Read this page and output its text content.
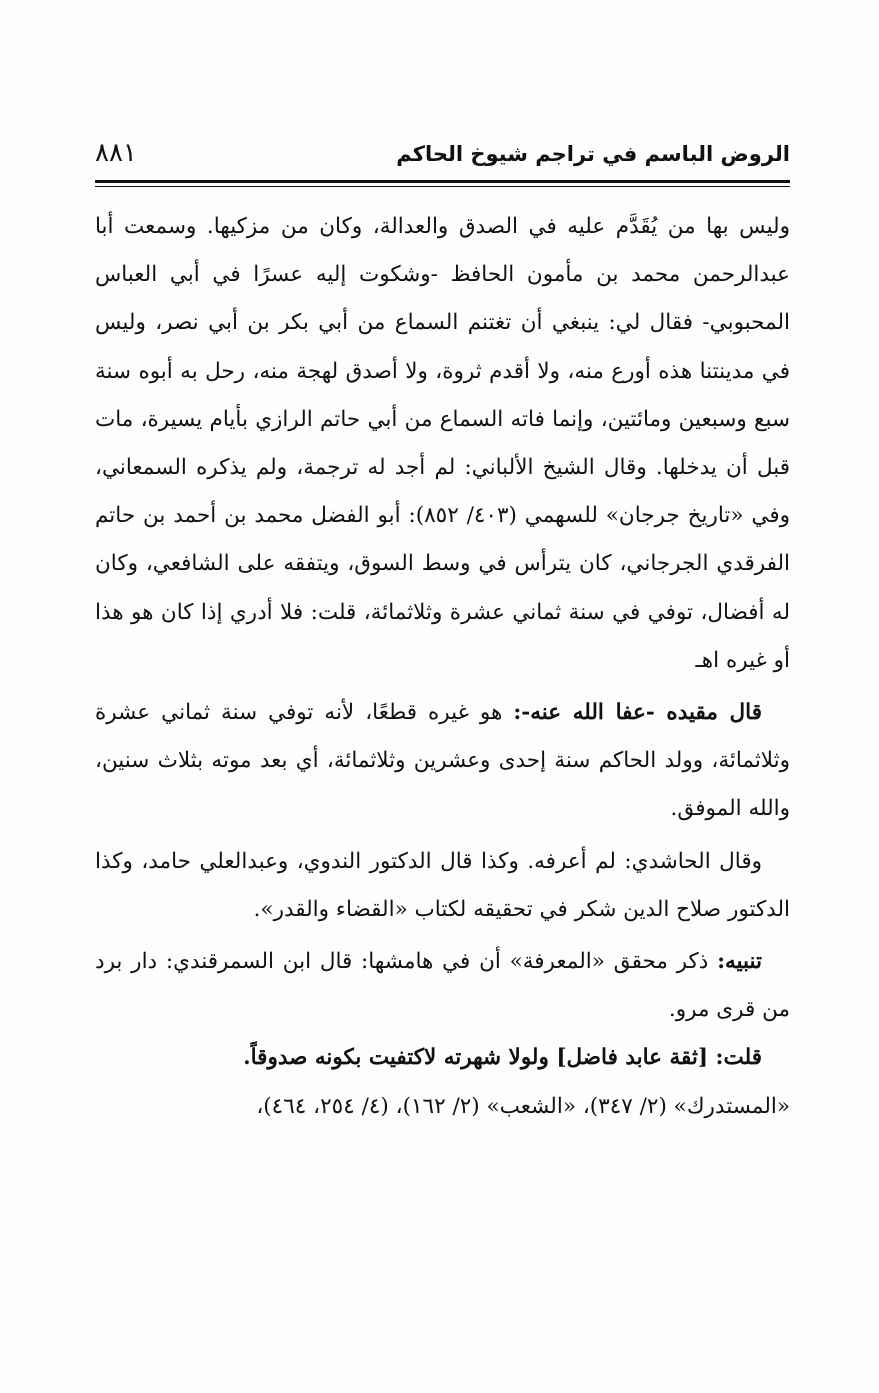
الروض الباسم في تراجم شيوخ الحاكم
٨٨١

وليس بها من يُقَدَّم عليه في الصدق والعدالة، وكان من مزكيها. وسمعت أبا عبدالرحمن محمد بن مأمون الحافظ -وشكوت إليه عسرًا في أبي العباس المحبوبي- فقال لي: ينبغي أن تغتنم السماع من أبي بكر بن أبي نصر، وليس في مدينتنا هذه أورع منه، ولا أقدم ثروة، ولا أصدق لهجة منه، رحل به أبوه سنة سبع وسبعين ومائتين، وإنما فاته السماع من أبي حاتم الرازي بأيام يسيرة، مات قبل أن يدخلها. وقال الشيخ الألباني: لم أجد له ترجمة، ولم يذكره السمعاني، وفي «تاريخ جرجان» للسهمي (٤٠٣/ ٨٥٢): أبو الفضل محمد بن أحمد بن حاتم الفرقدي الجرجاني، كان يترأس في وسط السوق، ويتفقه على الشافعي، وكان له أفضال، توفي في سنة ثماني عشرة وثلاثمائة، قلت: فلا أدري إذا كان هو هذا أو غيره اهـ

قال مقيده -عفا الله عنه-: هو غيره قطعًا، لأنه توفي سنة ثماني عشرة وثلاثمائة، وولد الحاكم سنة إحدى وعشرين وثلاثمائة، أي بعد موته بثلاث سنين، والله الموفق.

وقال الحاشدي: لم أعرفه. وكذا قال الدكتور الندوي، وعبدالعلي حامد، وكذا الدكتور صلاح الدين شكر في تحقيقه لكتاب «القضاء والقدر».

تنبيه: ذكر محقق «المعرفة» أن في هامشها: قال ابن السمرقندي: دار برد من قرى مرو.

قلت: [ثقة عابد فاضل] ولولا شهرته لاكتفيت بكونه صدوقاً.

«المستدرك» (٢/ ٣٤٧)، «الشعب» (٢/ ١٦٢)، (٤/ ٢٥٤، ٤٦٤)،
